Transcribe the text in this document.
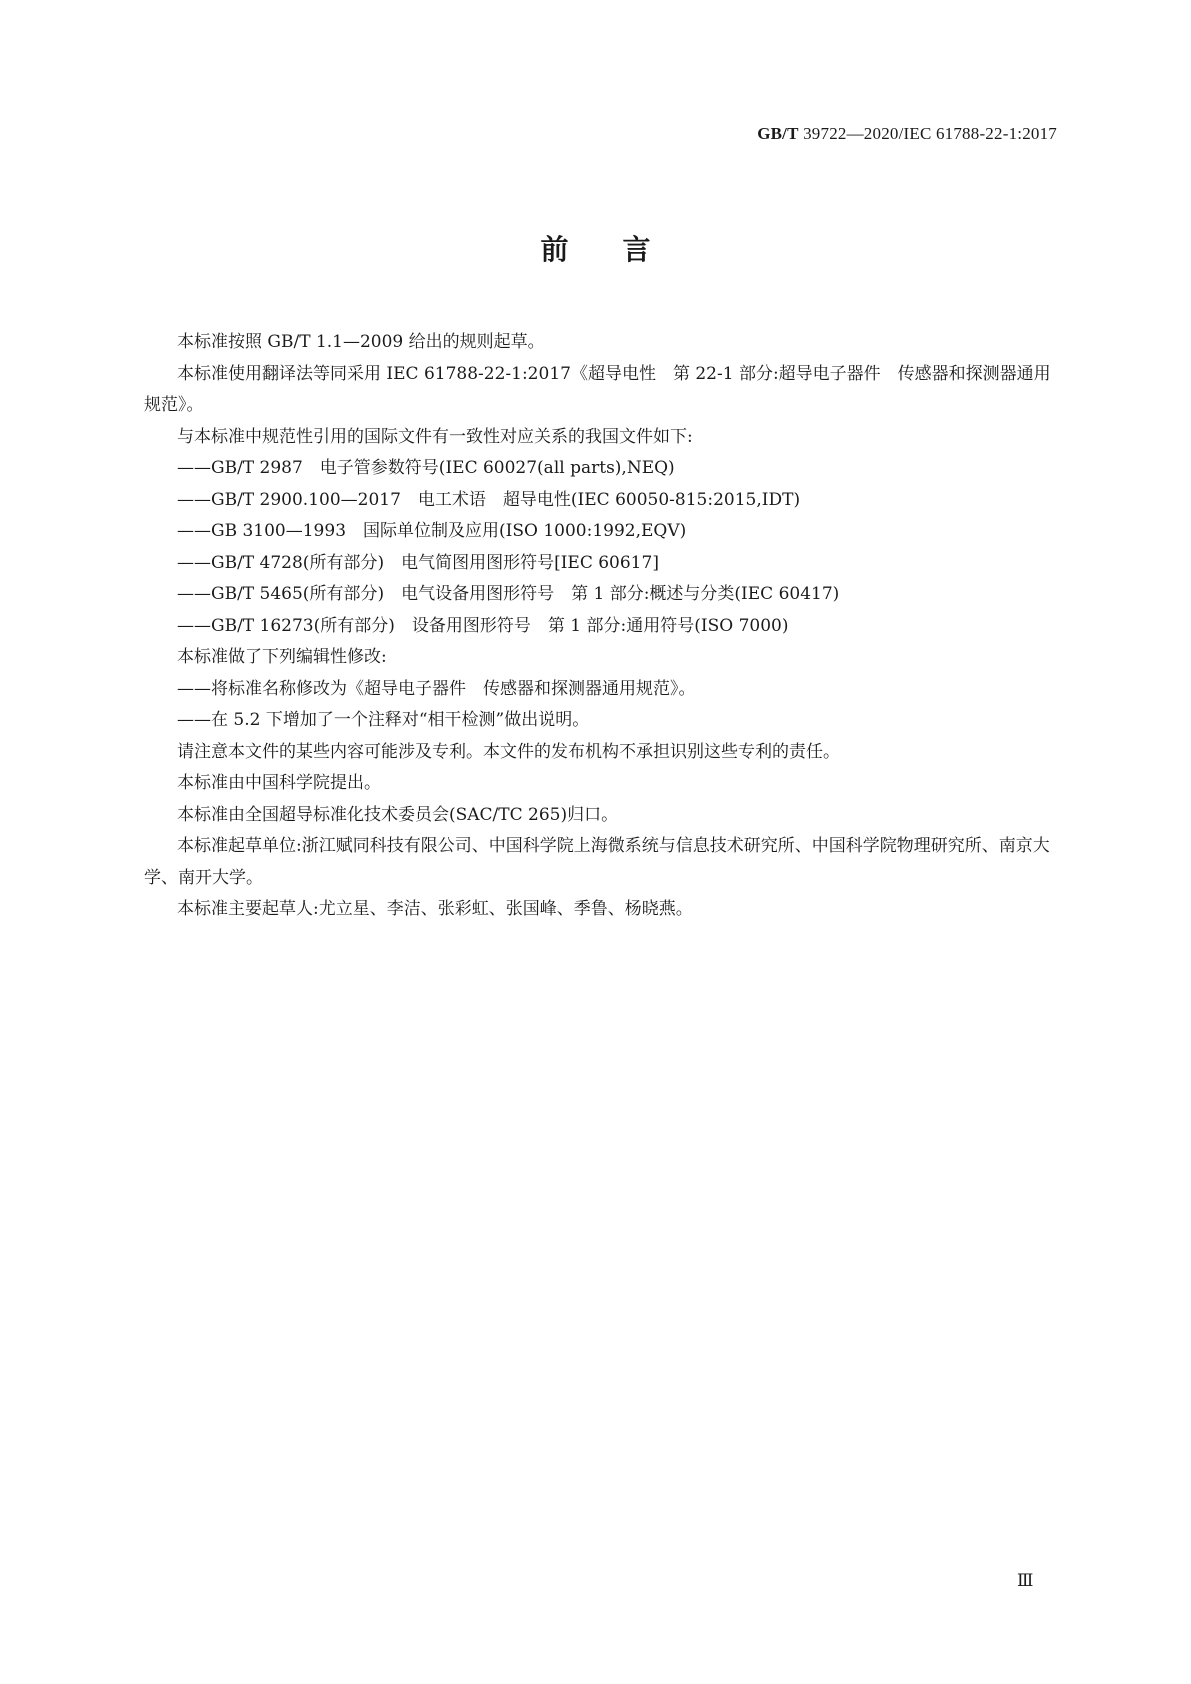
GB/T 39722—2020/IEC 61788-22-1:2017
前言

本标准按照 GB/T 1.1—2009 给出的规则起草。

本标准使用翻译法等同采用 IEC 61788-22-1:2017《超导电性　第 22-1 部分:超导电子器件　传感器和探测器通用规范》。

与本标准中规范性引用的国际文件有一致性对应关系的我国文件如下:

——GB/T 2987　电子管参数符号(IEC 60027(all parts),NEQ)

——GB/T 2900.100—2017　电工术语　超导电性(IEC 60050-815:2015,IDT)

——GB 3100—1993　国际单位制及应用(ISO 1000:1992,EQV)

——GB/T 4728(所有部分)　电气简图用图形符号[IEC 60617]

——GB/T 5465(所有部分)　电气设备用图形符号　第 1 部分:概述与分类(IEC 60417)

——GB/T 16273(所有部分)　设备用图形符号　第 1 部分:通用符号(ISO 7000)

本标准做了下列编辑性修改:

——将标准名称修改为《超导电子器件　传感器和探测器通用规范》。

——在 5.2 下增加了一个注释对“相干检测”做出说明。

请注意本文件的某些内容可能涉及专利。本文件的发布机构不承担识别这些专利的责任。

本标准由中国科学院提出。

本标准由全国超导标准化技术委员会(SAC/TC 265)归口。

本标准起草单位:浙江赋同科技有限公司、中国科学院上海微系统与信息技术研究所、中国科学院物理研究所、南京大学、南开大学。

本标准主要起草人:尤立星、李洁、张彩虹、张国峰、季鲁、杨晓燕。

Ⅲ
